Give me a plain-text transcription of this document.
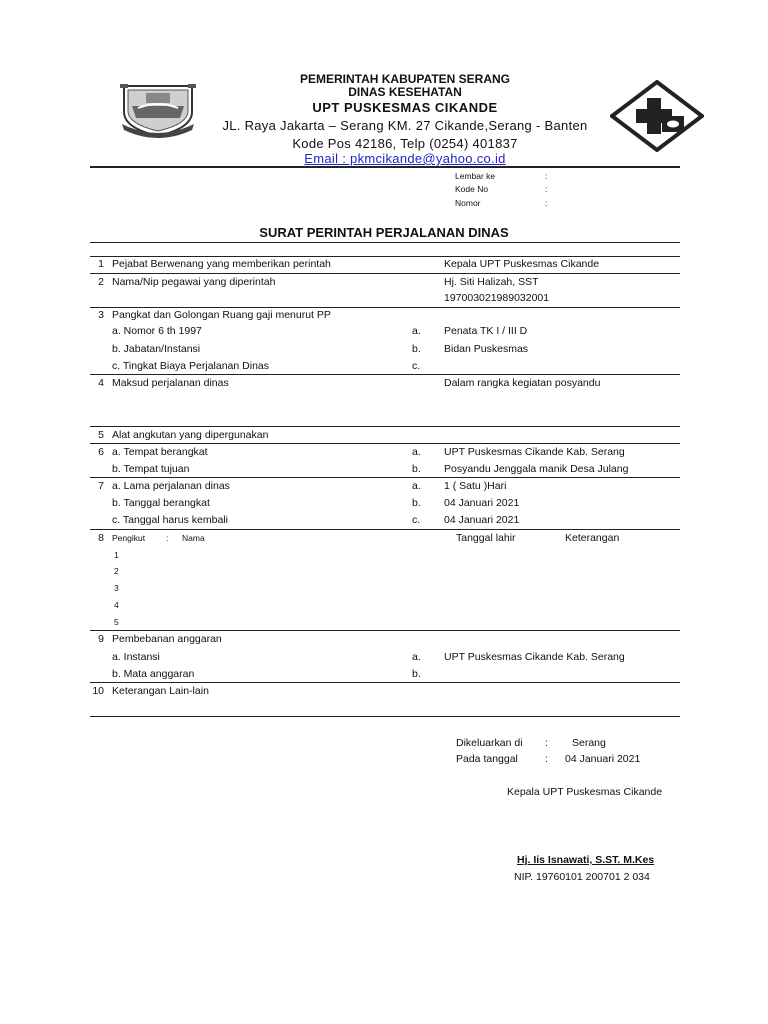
PEMERINTAH KABUPATEN SERANG
DINAS KESEHATAN
UPT PUSKESMAS CIKANDE
JL. Raya Jakarta – Serang KM. 27 Cikande,Serang - Banten
Kode Pos 42186, Telp (0254) 401837
Email : pkmcikande@yahoo.co.id
Lembar ke	:
Kode No	:
Nomor	:
SURAT PERINTAH PERJALANAN DINAS
1 Pejabat Berwenang yang memberikan perintah	Kepala UPT Puskesmas Cikande
2 Nama/Nip pegawai yang diperintah	Hj. Siti Halizah, SST
197003021989032001
3 Pangkat dan Golongan Ruang gaji menurut PP
a. Nomor 6 th 1997	a. Penata TK I / III D
b. Jabatan/Instansi	b. Bidan Puskesmas
c. Tingkat Biaya Perjalanan Dinas	c.
4 Maksud perjalanan dinas	Dalam rangka kegiatan posyandu
5 Alat angkutan yang dipergunakan
6 a. Tempat berangkat	a. UPT Puskesmas Cikande Kab. Serang
b. Tempat tujuan	b. Posyandu Jenggala manik Desa Julang
7 a. Lama perjalanan dinas	a. 1 ( Satu )Hari
b. Tanggal berangkat	b. 04 Januari 2021
c. Tanggal harus kembali	c. 04 Januari 2021
8 Pengikut : Nama	Tanggal lahir	Keterangan
1
2
3
4
5
9 Pembebanan anggaran
a. Instansi	a. UPT Puskesmas Cikande Kab. Serang
b. Mata anggaran	b.
10 Keterangan Lain-lain
Dikeluarkan di : Serang
Pada tanggal	: 04 Januari 2021
Kepala UPT Puskesmas Cikande
Hj. Iis Isnawati, S.ST. M.Kes
NIP. 19760101 200701 2 034
